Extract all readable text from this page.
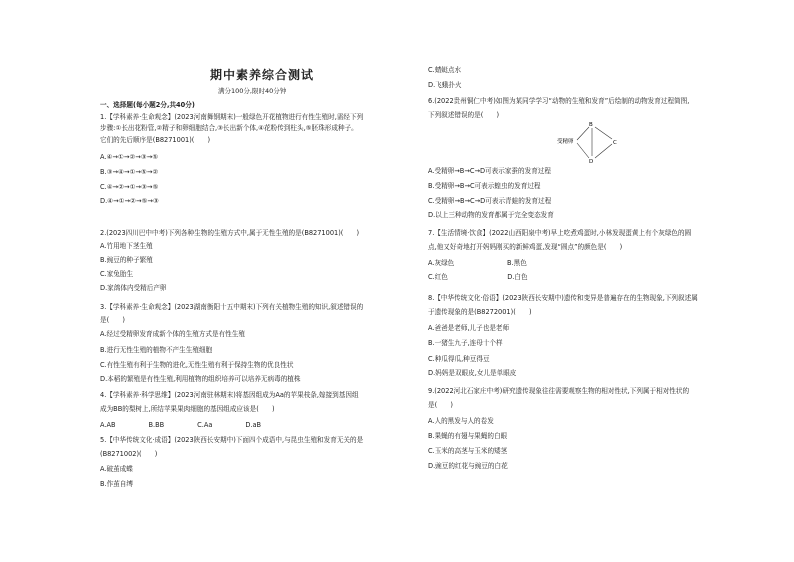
期中素养综合测试
满分100分,限时40分钟
一、选择题(每小题2分,共40分)
1.【学科素养·生命观念】(2023河南舞钢期末)一般绿色开花植物进行有性生殖时,需经下列
步骤:①长出花粉管,②精子和卵细胞结合,③长出新个体,④花粉传到柱头,⑤胚珠形成种子。
它们的先后顺序是(B8271001)(　　)
A.④→①→②→③→⑤
B.③→④→①→⑤→②
C.④→②→①→③→⑤
D.④→①→②→⑤→③
2.(2023四川巴中中考)下列各种生物的生殖方式中,属于无性生殖的是(B8271001)(　　)
A.竹用地下茎生殖
B.豌豆的种子繁殖
C.家兔胎生
D.家鸽体内受精后产卵
3.【学科素养·生命观念】(2023湖南衡阳十五中期末)下列有关植物生殖的知识,叙述错误的
是(　　)
A.经过受精卵发育成新个体的生殖方式是有性生殖
B.进行无性生殖的植物不产生生殖细胞
C.有性生殖有利于生物的进化,无性生殖有利于保持生物的优良性状
D.本稻的繁殖是有性生殖,利用植物的组织培养可以培养无病毒的植株
4.【学科素养·科学思维】(2023河南驻林期末)将基因组成为Aa的苹果枝条,嫁接到基因组
成为BB的梨树上,所结苹果果肉细胞的基因组成应该是(　　)
A.AB　　　　　B.BB　　　　　C.Aa　　　　　D.aB
5.【中华传统文化·成语】(2023陕西长安期中)下面四个成语中,与昆虫生殖和发育无关的是
(B8271002)(　　)
A.破茧成蝶
B.作茧自缚
C.蜻蜓点水
D.飞蛾扑火
6.(2022贵州铜仁中考)如图为某同学学习“动物的生殖和发育”后绘制的动物发育过程简图,
下列叙述错误的是(　　)
A.受精卵→B→C→D可表示家蚕的发育过程
B.受精卵→B→C可表示蝗虫的发育过程
C.受精卵→B→C→D可表示青蛙的发育过程
D.以上三种动物的发育都属于完全变态发育
7.【生活情境·饮食】(2022山西阳泉中考)早上吃煮鸡蛋时,小林发现蛋黄上有个灰绿色的圆
点,他又好奇地打开妈妈刚买的新鲜鸡蛋,发现“圆点”的颜色是(　　)
A.灰绿色　　　　　　　　B.黑色
C.红色　　　　　　　　　D.白色
8.【中华传统文化·俗语】(2023陕西长安期中)遗传和变异是普遍存在的生物现象,下列叙述属
于遗传现象的是(B8272001)(　　)
A.爸爸是老师,儿子也是老师
B.一猪生九子,连母十个样
C.种瓜得瓜,种豆得豆
D.妈妈是双眼皮,女儿是单眼皮
9.(2022河北石家庄中考)研究遗传现象往往需要观察生物的相对性状,下列属于相对性状的
是(　　)
A.人的黑发与人的卷发
B.果蝇的有翅与果蝇的白眼
C.玉米的高茎与玉米的矮茎
D.豌豆的红花与豌豆的白花
受精卵
B
C
D
